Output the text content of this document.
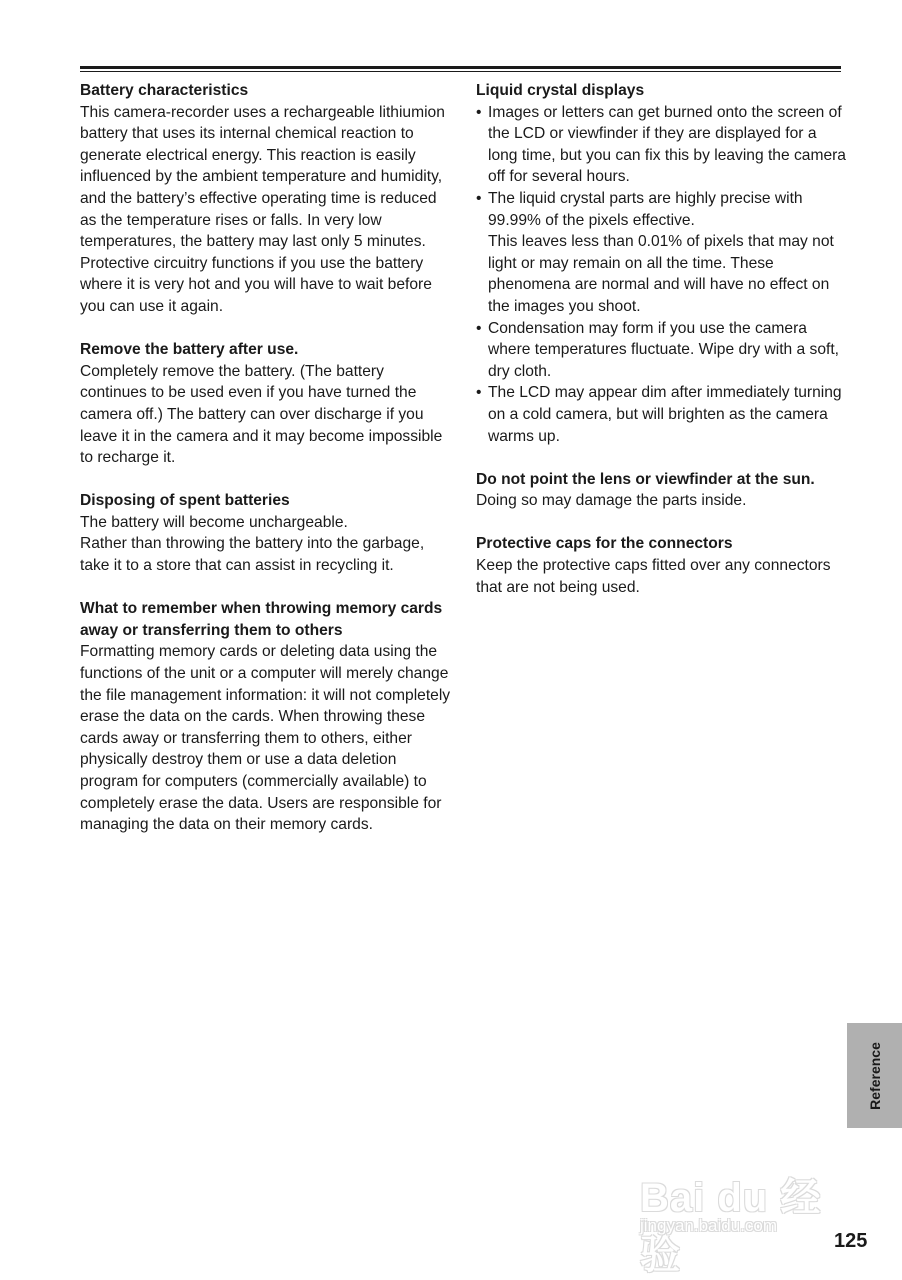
Battery characteristics

This camera-recorder uses a rechargeable lithiumion battery that uses its internal chemical reaction to generate electrical energy. This reaction is easily influenced by the ambient temperature and humidity, and the battery’s effective operating time is reduced as the temperature rises or falls. In very low temperatures, the battery may last only 5 minutes.

Protective circuitry functions if you use the battery where it is very hot and you will have to wait before you can use it again.

Remove the battery after use.

Completely remove the battery. (The battery continues to be used even if you have turned the camera off.) The battery can over discharge if you leave it in the camera and it may become impossible to recharge it.

Disposing of spent batteries

The battery will become unchargeable.

Rather than throwing the battery into the garbage, take it to a store that can assist in recycling it.

What to remember when throwing memory cards away or transferring them to others

Formatting memory cards or deleting data using the functions of the unit or a computer will merely change the file management information: it will not completely erase the data on the cards. When throwing these cards away or transferring them to others, either physically destroy them or use a data deletion program for computers (commercially available) to completely erase the data. Users are responsible for managing the data on their memory cards.

Liquid crystal displays
• Images or letters can get burned onto the screen of the LCD or viewfinder if they are displayed for a long time, but you can fix this by leaving the camera off for several hours.
• The liquid crystal parts are highly precise with 99.99% of the pixels effective.
This leaves less than 0.01% of pixels that may not light or may remain on all the time. These phenomena are normal and will have no effect on the images you shoot.
• Condensation may form if you use the camera where temperatures fluctuate. Wipe dry with a soft, dry cloth.
• The LCD may appear dim after immediately turning on a cold camera, but will brighten as the camera warms up.
Do not point the lens or viewfinder at the sun.

Doing so may damage the parts inside.

Protective caps for the connectors

Keep the protective caps fitted over any connectors that are not being used.

Reference
Bai du 经验
jingyan.baidu.com
125
